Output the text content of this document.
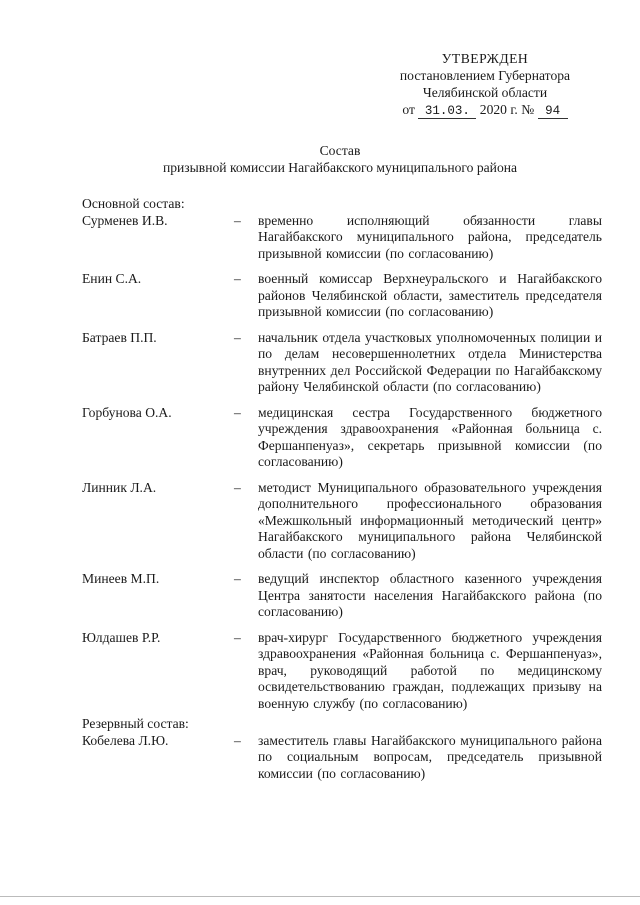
УТВЕРЖДЕН
постановлением Губернатора
Челябинской области
от 31.03. 2020 г. № 94
Состав
призывной комиссии Нагайбакского муниципального района
Основной состав:
Сурменев И.В.	–	временно исполняющий обязанности главы Нагайбакского муниципального района, председатель призывной комиссии (по согласованию)
Енин С.А.	–	военный комиссар Верхнеуральского и Нагайбакского районов Челябинской области, заместитель председателя призывной комиссии (по согласованию)
Батраев П.П.	–	начальник отдела участковых уполномоченных полиции и по делам несовершеннолетних отдела Министерства внутренних дел Российской Федерации по Нагайбакскому району Челябинской области (по согласованию)
Горбунова О.А.	–	медицинская сестра Государственного бюджетного учреждения здравоохранения «Районная больница с. Фершанпенуаз», секретарь призывной комиссии (по согласованию)
Линник Л.А.	–	методист Муниципального образовательного учреждения дополнительного профессионального образования «Межшкольный информационный методический центр» Нагайбакского муниципального района Челябинской области (по согласованию)
Минеев М.П.	–	ведущий инспектор областного казенного учреждения Центра занятости населения Нагайбакского района (по согласованию)
Юлдашев Р.Р.	–	врач-хирург Государственного бюджетного учреждения здравоохранения «Районная больница с. Фершанпенуаз», врач, руководящий работой по медицинскому освидетельствованию граждан, подлежащих призыву на военную службу (по согласованию)
Резервный состав:
Кобелева Л.Ю.	–	заместитель главы Нагайбакского муниципального района по социальным вопросам, председатель призывной комиссии (по согласованию)
